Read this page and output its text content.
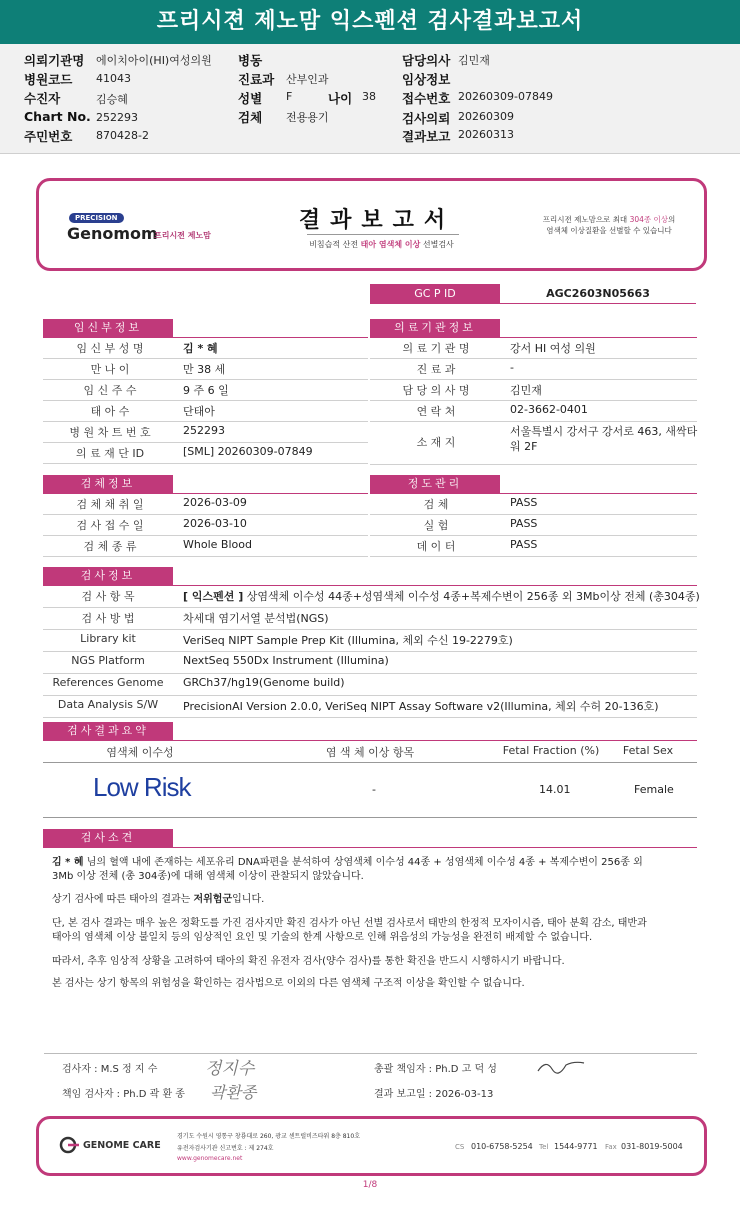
프리시젼 제노맘 익스펜션 검사결과보고서
의뢰기관명 에이치아이(HI)여성의원 병동	담당의사 김민재
병원코드 41043	진료과 산부인과	임상정보
수진자	김승혜	성별 F	나이 38 접수번호 20260309-07849
Chart No. 252293	검체 전용용기	검사의뢰 20260309
주민번호 870428-2	결과보고 20260313
PRECISION
Genomom
프리시젼 제노맘
결과보고서
비침습적 산전 태아 염색체 이상 선별검사
프리시젼 제노맘으로 최대 304종 이상의
염색체 이상질환을 선별할 수 있습니다
GC P ID	AGC2603N05663
임신부정보	의료기관정보
임 신 부 성 명	김 * 혜
만 나 이	만 38 세
임 신 주 수	9 주 6 일
태 아 수	단태아
병 원 차 트 번 호	252293
의 료 재 단 ID	[SML] 20260309-07849
의 료 기 관 명	강서 HI 여성 의원
진 료 과	-
담 당 의 사 명	김민재
연 락 처	02-3662-0401
소 재 지
서울특별시 강서구 강서로 463, 새싹타
워 2F
검체정보	정도관리
검 체 채 취 일	2026-03-09
검 사 접 수 일	2026-03-10
검 체 종 류	Whole Blood
검 체	PASS
실 험	PASS
데 이 터	PASS
검사정보
검 사 항 목	[ 익스펜션 ] 상염색체 이수성 44종+성염색체 이수성 4종+복제수변이 256종 외 3Mb이상 전체 (총304종)
검 사 방 법	차세대 염기서열 분석법(NGS)
Library kit	VeriSeq NIPT Sample Prep Kit (Illumina, 체외 수신 19-2279호)
NGS Platform	NextSeq 550Dx Instrument (Illumina)
References Genome	GRCh37/hg19(Genome build)
Data Analysis S/W	PrecisionAI Version 2.0.0, VeriSeq NIPT Assay Software v2(Illumina, 체외 수허 20-136호)
검사결과요약
염색체 이수성	염 색 체 이상 항목	Fetal Fraction (%)	Fetal Sex
Low Risk	-	14.01	Female
검사소견
김 * 혜 님의 혈액 내에 존재하는 세포유리 DNA파편을 분석하여 상염색체 이수성 44종 + 성염색체 이수성 4종 + 복제수변이 256종 외
3Mb 이상 전체 (총 304종)에 대해 염색체 이상이 관찰되지 않았습니다.
상기 검사에 따른 태아의 결과는 저위험군입니다.
단, 본 검사 결과는 매우 높은 정확도를 가진 검사지만 확진 검사가 아닌 선별 검사로서 태반의 한정적 모자이시즘, 태아 분획 감소, 태반과
태아의 염색체 이상 불일치 등의 임상적인 요인 및 기술의 한계 사항으로 인해 위음성의 가능성을 완전히 배제할 수 없습니다.
따라서, 추후 임상적 상황을 고려하여 태아의 확진 유전자 검사(양수 검사)를 통한 확진을 반드시 시행하시기 바랍니다.
본 검사는 상기 항목의 위험성을 확인하는 검사법으로 이외의 다른 염색체 구조적 이상을 확인할 수 없습니다.
검사자 : M.S 정 지 수	정지수	총괄 책임자 : Ph.D 고 덕 성
책임 검사자 : Ph.D 곽 환 종 곽환종	결과 보고일 : 2026-03-13
GENOME CARE
경기도 수원시 영통구 창룡대로 260, 광교 센트럴비즈타워 8층 810호
유전자검사기관 신고번호 : 제 274호
www.genomecare.net
CS 010-6758-5254 Tel 1544-9771 Fax 031-8019-5004
1/8
